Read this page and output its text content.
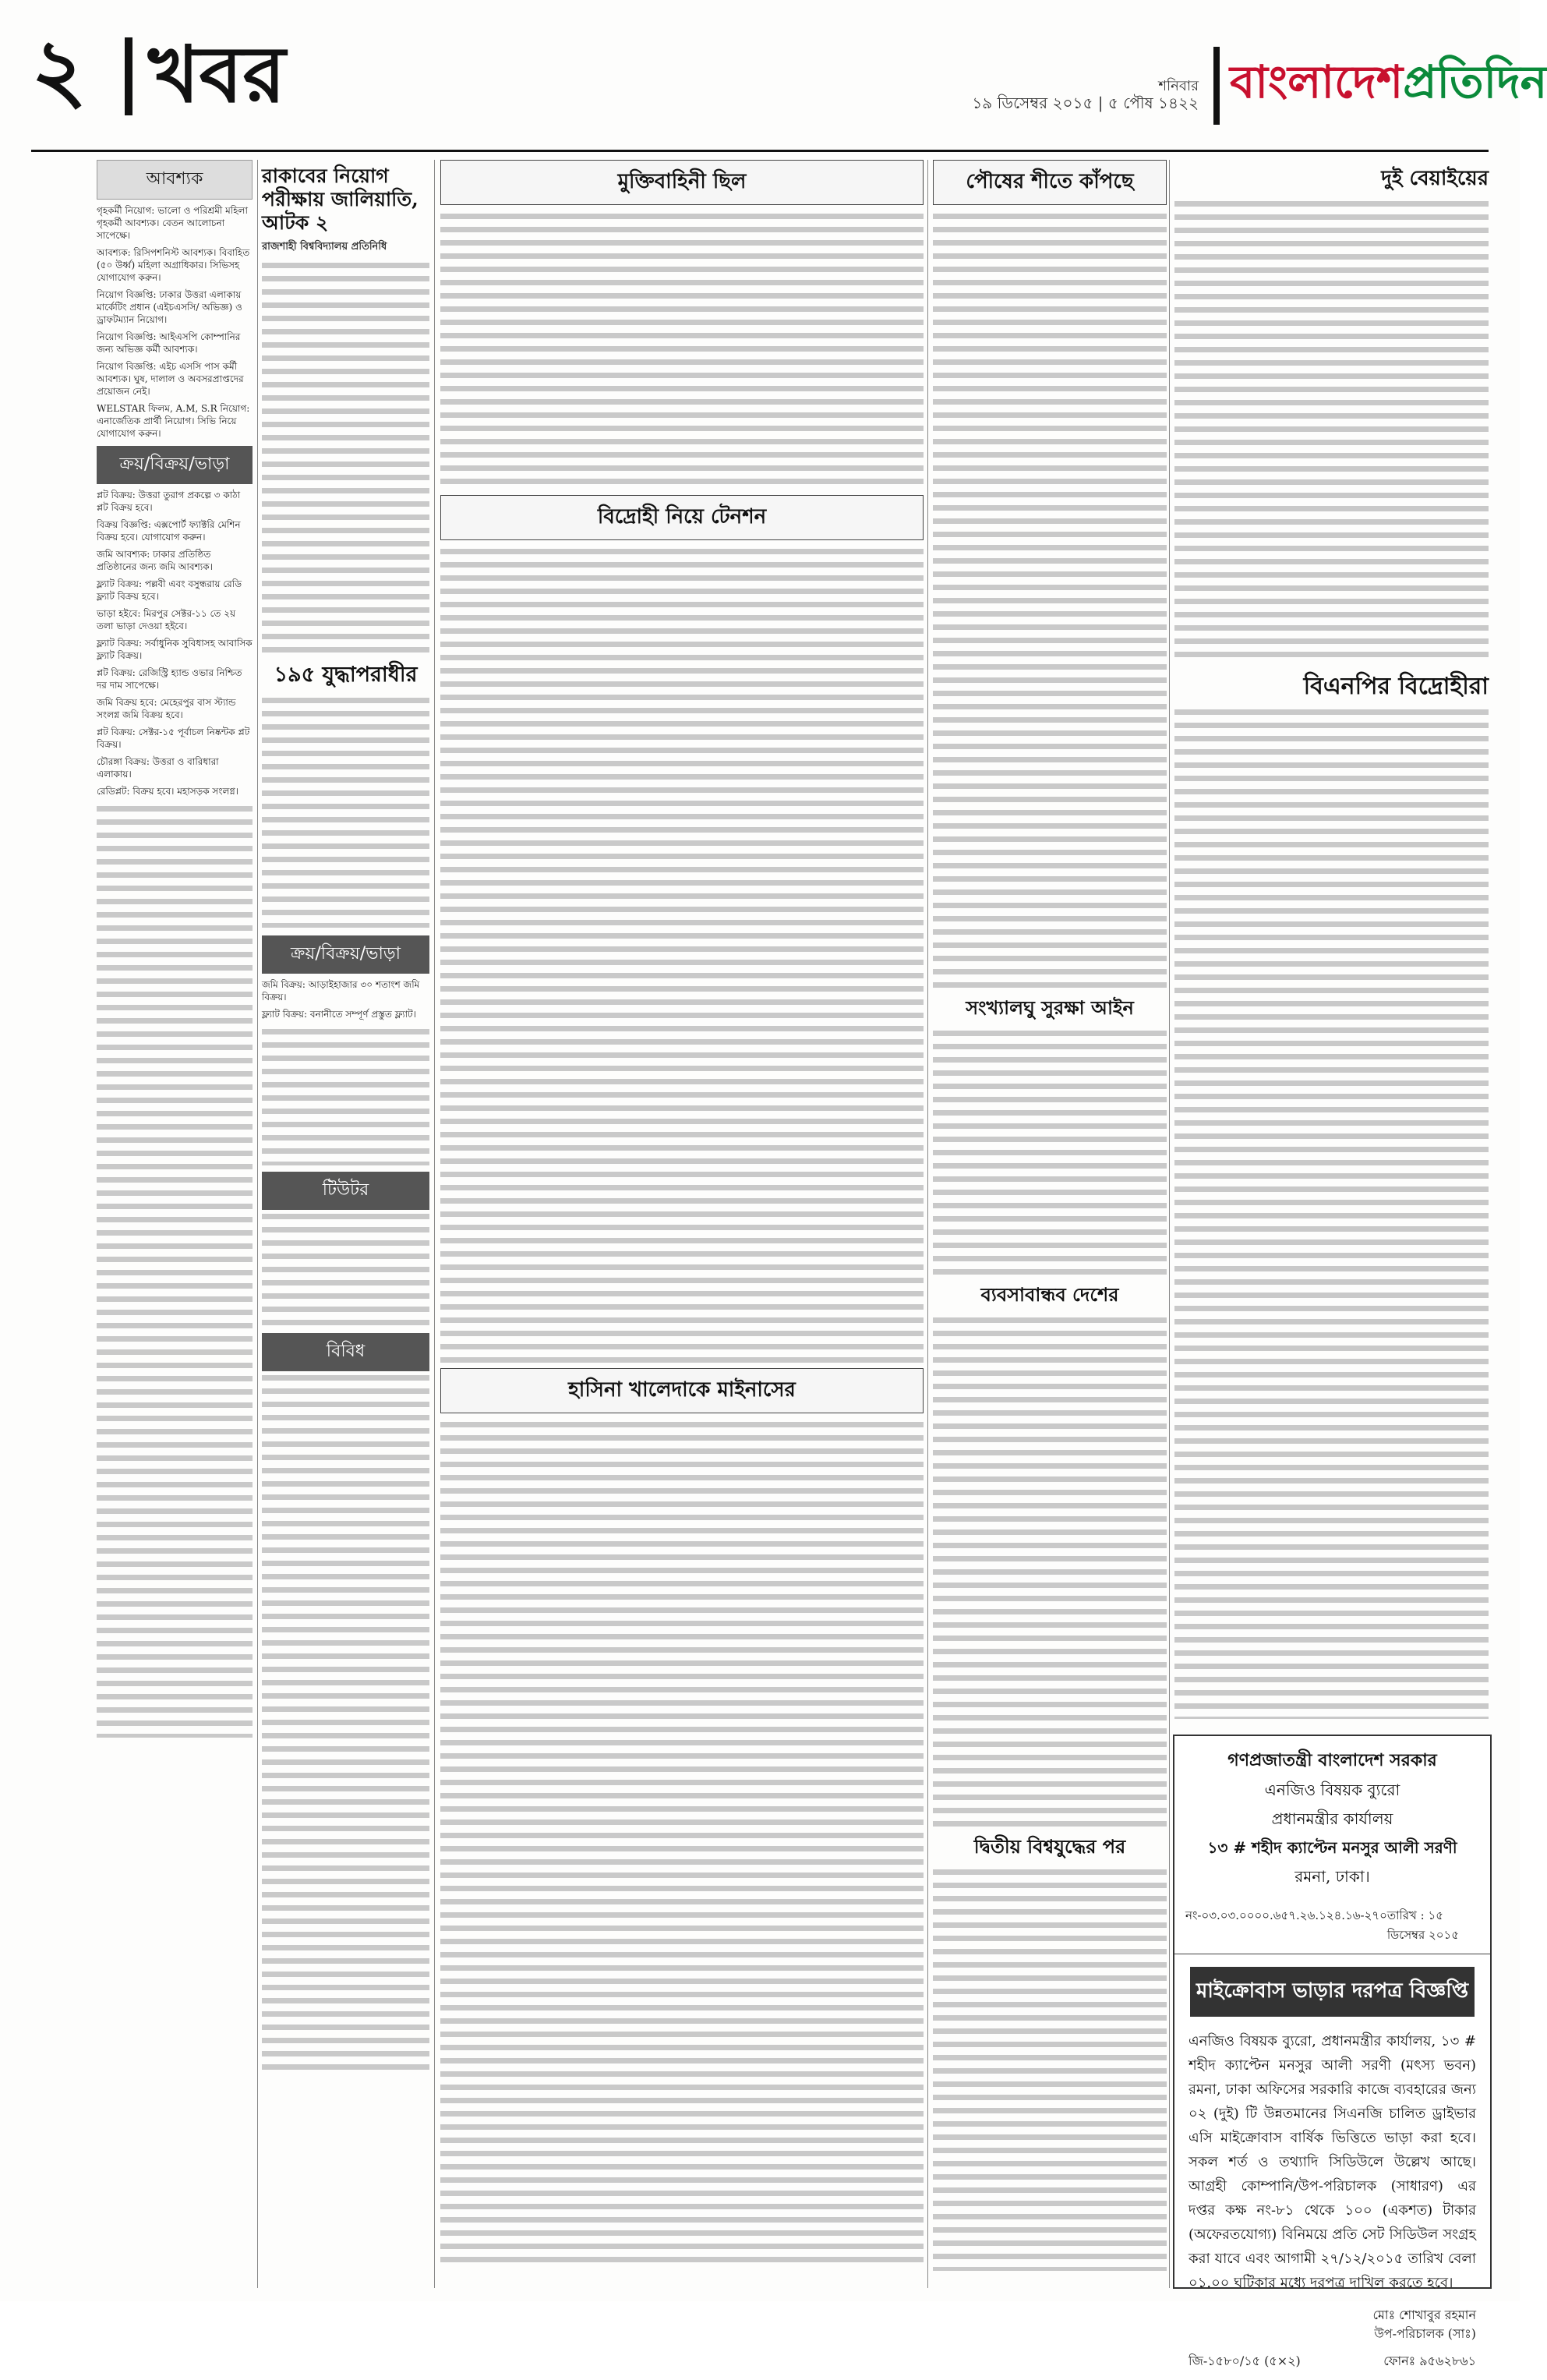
২ খবর	শনিবার
১৯ ডিসেম্বর ২০১৫ | ৫ পৌষ ১৪২২ বাংলাদেশপ্রতিদিন
আবশ্যক
গৃহকর্মী নিয়োগ: ভালো ও পরিশ্রমী মহিলা গৃহকর্মী আবশ্যক। বেতন আলোচনা সাপেক্ষে।
আবশ্যক: রিসিপশনিস্ট আবশ্যক। বিবাহিত (৫০ উর্ধ্ব) মহিলা অগ্রাধিকার। সিভিসহ যোগাযোগ করুন।
নিয়োগ বিজ্ঞপ্তি: ঢাকার উত্তরা এলাকায় মার্কেটিং প্রধান (এইচএসসি/ অভিজ্ঞ) ও ড্রাফটম্যান নিয়োগ।
নিয়োগ বিজ্ঞপ্তি: আইএসপি কোম্পানির জন্য অভিজ্ঞ কর্মী আবশ্যক।
নিয়োগ বিজ্ঞপ্তি: এইচ এসসি পাস কর্মী আবশ্যক। ঘুষ, দালাল ও অবসরপ্রাপ্তদের প্রয়োজন নেই।
WELSTAR ফিলম, A.M, S.R নিয়োগ: এনার্জেতিক প্রার্থী নিয়োগ। সিভি নিয়ে যোগাযোগ করুন।
ক্রয়/বিক্রয়/ভাড়া
প্লট বিক্রয়: উত্তরা তুরাগ প্রকল্পে ৩ কাঠা প্লট বিক্রয় হবে।
বিক্রয় বিজ্ঞপ্তি: এক্সপোর্ট ফ্যাক্টরি মেশিন বিক্রয় হবে। যোগাযোগ করুন।
জমি আবশ্যক: ঢাকার প্রতিষ্ঠিত প্রতিষ্ঠানের জন্য জমি আবশ্যক।
ফ্ল্যাট বিক্রয়: পল্লবী এবং বসুন্ধরায় রেডি ফ্ল্যাট বিক্রয় হবে।
ভাড়া হইবে: মিরপুর সেক্টর-১১ তে ২য় তলা ভাড়া দেওয়া হইবে।
ফ্ল্যাট বিক্রয়: সর্বাধুনিক সুবিধাসহ আবাসিক ফ্ল্যাট বিক্রয়।
প্লট বিক্রয়: রেজিস্ট্রি হ্যান্ড ওভার নিশ্চিত দর দাম সাপেক্ষে।
জমি বিক্রয় হবে: মেহেরপুর বাস স্ট্যান্ড সংলগ্ন জমি বিক্রয় হবে।
প্লট বিক্রয়: সেক্টর-১৫ পূর্বাচল নিষ্কন্টক প্লট বিক্রয়।
চৌরঙ্গা বিক্রয়: উত্তরা ও বারিধারা এলাকায়।
রেডিপ্লট: বিক্রয় হবে। মহাসড়ক সংলগ্ন।
রাকাবের নিয়োগ পরীক্ষায় জালিয়াতি, আটক ২
রাজশাহী বিশ্ববিদ্যালয় প্রতিনিধি
১৯৫ যুদ্ধাপরাধীর
ক্রয়/বিক্রয়/ভাড়া
জমি বিক্রয়: আড়াইহাজার ৩০ শতাংশ জমি বিক্রয়।
ফ্ল্যাট বিক্রয়: বনানীতে সম্পূর্ণ প্রস্তুত ফ্ল্যাট।
টিউটর
বিবিধ
মুক্তিবাহিনী ছিল
বিদ্রোহী নিয়ে টেনশন
হাসিনা খালেদাকে মাইনাসের
পৌষের শীতে কাঁপছে
সংখ্যালঘু সুরক্ষা আইন
ব্যবসাবান্ধব দেশের
দ্বিতীয় বিশ্বযুদ্ধের পর
দুই বেয়াইয়ের
বিএনপির বিদ্রোহীরা
গণপ্রজাতন্ত্রী বাংলাদেশ সরকার
এনজিও বিষয়ক ব্যুরো
প্রধানমন্ত্রীর কার্যালয়
১৩ # শহীদ ক্যাপ্টেন মনসুর আলী সরণী
রমনা, ঢাকা।
নং-০৩.০৩.০০০০.৬৫৭.২৬.১২৪.১৬-২৭০ তারিখ : ১৫ ডিসেম্বর ২০১৫
মাইক্রোবাস ভাড়ার দরপত্র বিজ্ঞপ্তি
এনজিও বিষয়ক ব্যুরো, প্রধানমন্ত্রীর কার্যালয়, ১৩ # শহীদ ক্যাপ্টেন মনসুর আলী সরণী (মৎস্য ভবন) রমনা, ঢাকা অফিসের সরকারি কাজে ব্যবহারের জন্য ০২ (দুই) টি উন্নতমানের সিএনজি চালিত ড্রাইভার এসি মাইক্রোবাস বার্ষিক ভিত্তিতে ভাড়া করা হবে। সকল শর্ত ও তথ্যাদি সিডিউলে উল্লেখ আছে। আগ্রহী কোম্পানি/উপ-পরিচালক (সাধারণ) এর দপ্তর কক্ষ নং-৮১ থেকে ১০০ (একশত) টাকার (অফেরতযোগ্য) বিনিময়ে প্রতি সেট সিডিউল সংগ্রহ করা যাবে এবং আগামী ২৭/১২/২০১৫ তারিখ বেলা ০১.০০ ঘটিকার মধ্যে দরপত্র দাখিল করতে হবে।
মোঃ শোখাবুর রহমান
উপ-পরিচালক (সাঃ)
জি-১৫৮০/১৫ (৫×২)	ফোনঃ ৯৫৬২৮৬১
